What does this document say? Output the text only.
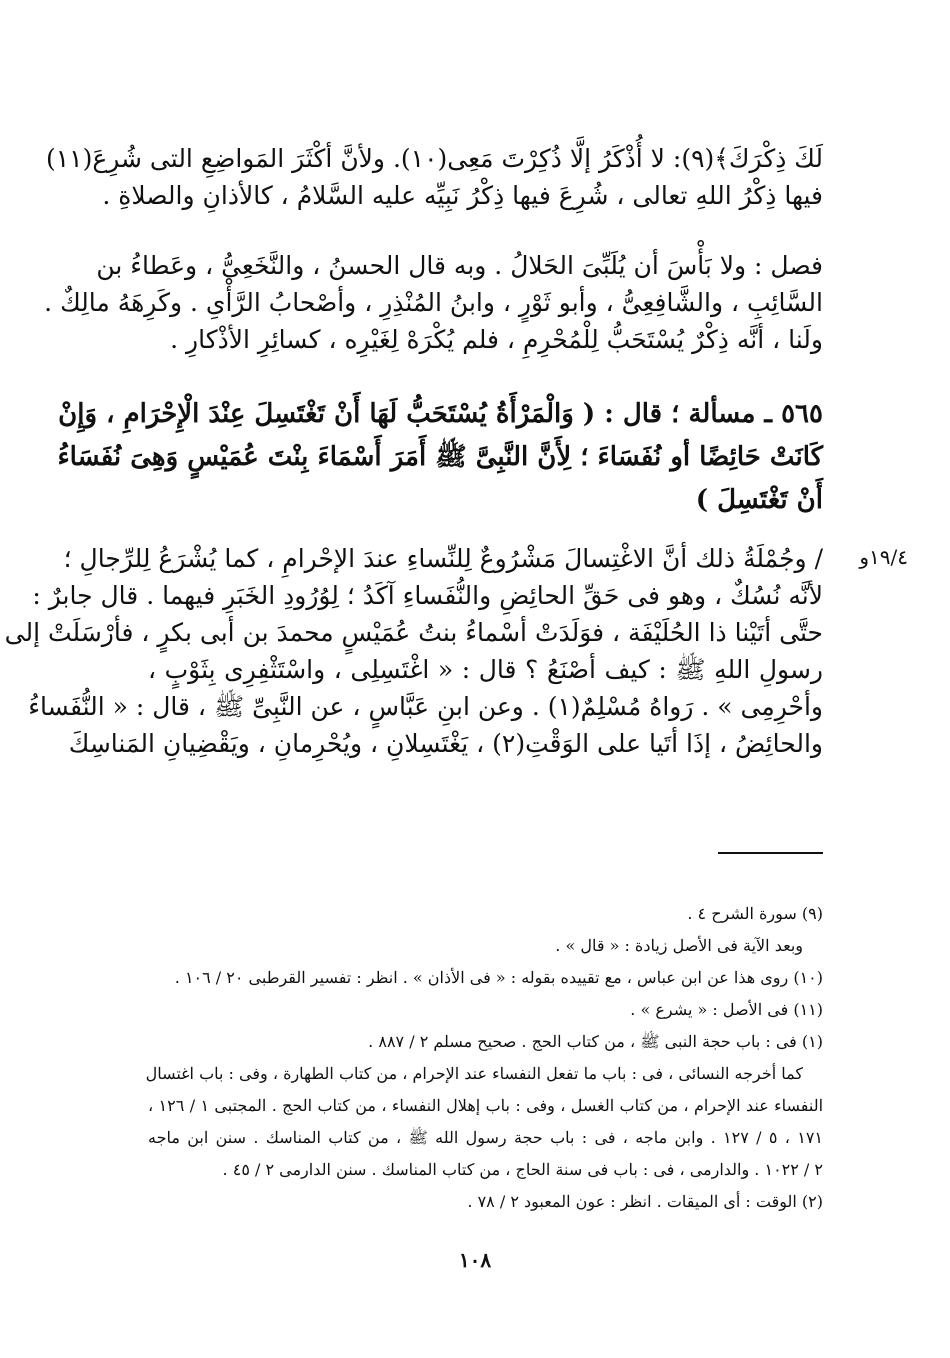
لَكَ ذِكْرَكَ﴾(٩): لا أُذْكَرُ إلَّا ذُكِرْتَ مَعِى(١٠). ولأنَّ أكْثَرَ المَواضِعِ التى شُرِعَ(١١)
فيها ذِكْرُ اللهِ تعالى ، شُرِعَ فيها ذِكْرُ نَبِيِّه عليه السَّلامُ ، كالأذانِ والصلاةِ .
فصل : ولا بَأْسَ أن يُلَبِّىَ الحَلالُ . وبه قال الحسنُ ، والنَّخَعِىُّ ، وعَطاءُ بن
السَّائِبِ ، والشَّافِعِىُّ ، وأبو ثَوْرٍ ، وابنُ المُنْذِرِ ، وأصْحابُ الرَّأْىِ . وكَرِهَهُ مالِكٌ .
ولَنا ، أنَّه ذِكْرٌ يُسْتَحَبُّ لِلْمُحْرِمِ ، فلم يُكْرَهْ لِغَيْرِه ، كسائِرِ الأذْكارِ .
٥٦٥ ـ مسألة ؛ قال : ( وَالْمَرْأَةُ يُسْتَحَبُّ لَهَا أَنْ تَغْتَسِلَ عِنْدَ الْإِحْرَامِ ، وَإِنْ
كَانَتْ حَائِضًا أو نُفَسَاءَ ؛ لِأَنَّ النَّبِىَّ ﷺ أَمَرَ أَسْمَاءَ بِنْتَ عُمَيْسٍ وَهِىَ نُفَسَاءُ
أَنْ تَغْتَسِلَ )
١٩/٤و
/ وجُمْلَةُ ذلك أنَّ الاغْتِسالَ مَشْرُوعٌ لِلنِّساءِ عندَ الإحْرامِ ، كما يُشْرَعُ لِلرِّجالِ ؛
لأنَّه نُسُكٌ ، وهو فى حَقِّ الحائِضِ والنُّفَساءِ آكَدُ ؛ لِوُرُودِ الخَبَرِ فيهما . قال جابرٌ :
حتَّى أتَيْنا ذا الحُلَيْفَة ، فوَلَدَتْ أسْماءُ بنتُ عُمَيْسٍ محمدَ بن أبى بكرٍ ، فأرْسَلَتْ إلى
رسولِ اللهِ ﷺ : كيف أصْنَعُ ؟ قال : « اغْتَسِلِى ، واسْتَثْفِرِى بِثَوْبٍ ،
وأحْرِمِى » . رَواهُ مُسْلِمٌ(١) . وعن ابنِ عَبَّاسٍ ، عن النَّبِىِّ ﷺ ، قال : « النُّفَساءُ
والحائِضُ ، إذَا أتَيا على الوَقْتِ(٢) ، يَغْتَسِلانِ ، ويُحْرِمانِ ، ويَقْضِيانِ المَناسِكَ
(٩) سورة الشرح ٤ .
وبعد الآية فى الأصل زيادة : « قال » .
(١٠) روى هذا عن ابن عباس ، مع تقييده بقوله : « فى الأذان » . انظر : تفسير القرطبى ٢٠ / ١٠٦ .
(١١) فى الأصل : « يشرع » .
(١) فى : باب حجة النبى ﷺ ، من كتاب الحج . صحيح مسلم ٢ / ٨٨٧ .
كما أخرجه النسائى ، فى : باب ما تفعل النفساء عند الإحرام ، من كتاب الطهارة ، وفى : باب اغتسال
النفساء عند الإحرام ، من كتاب الغسل ، وفى : باب إهلال النفساء ، من كتاب الحج . المجتبى ١ / ١٢٦ ،
١٧١ ، ٥ / ١٢٧ . وابن ماجه ، فى : باب حجة رسول الله ﷺ ، من كتاب المناسك . سنن ابن ماجه
٢ / ١٠٢٢ . والدارمى ، فى : باب فى سنة الحاج ، من كتاب المناسك . سنن الدارمى ٢ / ٤٥ .
(٢) الوقت : أى الميقات . انظر : عون المعبود ٢ / ٧٨ .
١٠٨
